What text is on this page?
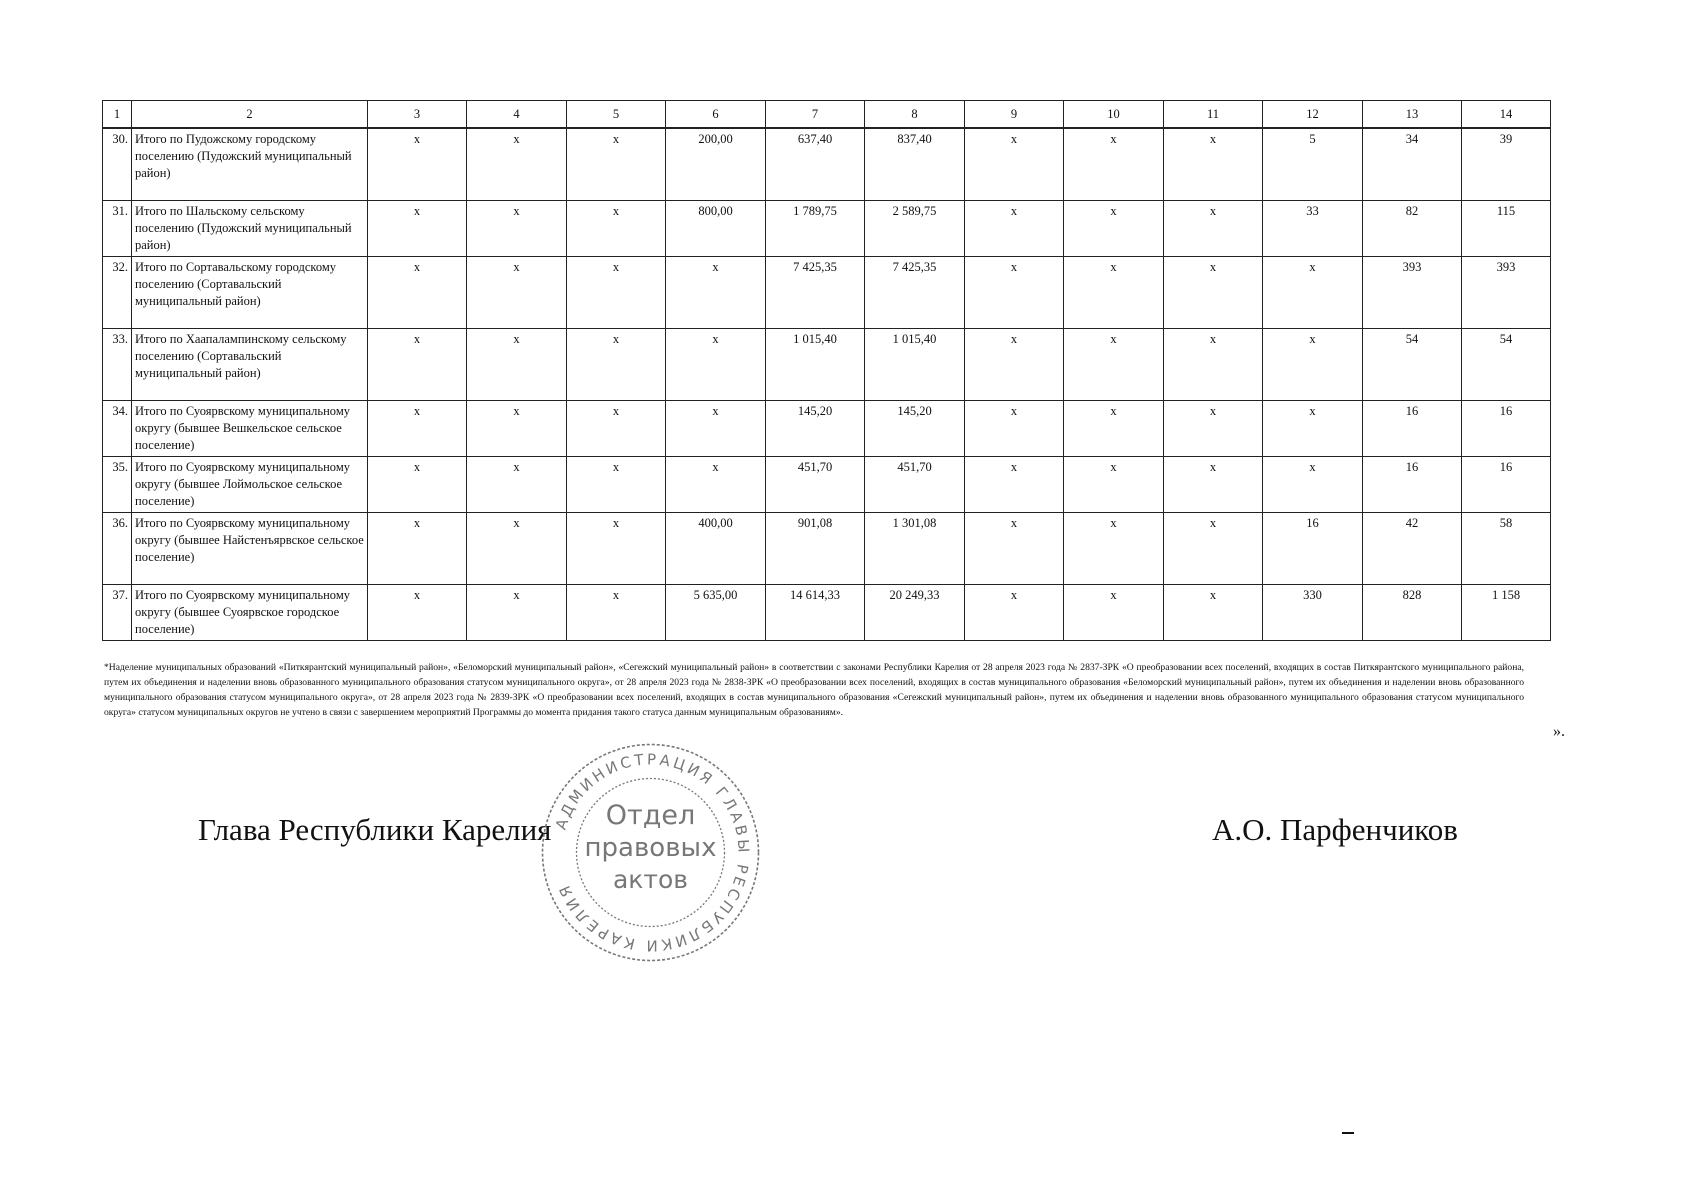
1	2	3	4	5	6	7	8	9	10	11	12	13	14
30.	Итого по Пудожскому городскому поселению (Пудожский муниципальный район)	x	x	x	200,00	637,40	837,40	x	x	x	5	34	39
31.	Итого по Шальскому сельскому поселению (Пудожский муниципальный район)	x	x	x	800,00	1 789,75	2 589,75	x	x	x	33	82	115
32.	Итого по Сортавальскому городскому поселению (Сортавальский муниципальный район)	x	x	x	x	7 425,35	7 425,35	x	x	x	x	393	393
33.	Итого по Хаапалампинскому сельскому поселению (Сортавальский муниципальный район)	x	x	x	x	1 015,40	1 015,40	x	x	x	x	54	54
34.	Итого по Суоярвскому муниципальному округу (бывшее Вешкельское сельское поселение)	x	x	x	x	145,20	145,20	x	x	x	x	16	16
35.	Итого по Суоярвскому муниципальному округу (бывшее Лоймольское сельское поселение)	x	x	x	x	451,70	451,70	x	x	x	x	16	16
36.	Итого по Суоярвскому муниципальному округу (бывшее Найстенъярвское сельское поселение)	x	x	x	400,00	901,08	1 301,08	x	x	x	16	42	58
37.	Итого по Суоярвскому муниципальному округу (бывшее Суоярвское городское поселение)	x	x	x	5 635,00	14 614,33	20 249,33	x	x	x	330	828	1 158
*Наделение муниципальных образований «Питкярантский муниципальный район», «Беломорский муниципальный район», «Сегежский муниципальный район» в соответствии с законами Республики Карелия от 28 апреля 2023 года № 2837-ЗРК «О преобразовании всех поселений, входящих в состав Питкярантского муниципального района, путем их объединения и наделении вновь образованного муниципального образования статусом муниципального округа», от 28 апреля 2023 года № 2838-ЗРК «О преобразовании всех поселений, входящих в состав муниципального образования «Беломорский муниципальный район», путем их объединения и наделении вновь образованного муниципального образования статусом муниципального округа», от 28 апреля 2023 года № 2839-ЗРК «О преобразовании всех поселений, входящих в состав муниципального образования «Сегежский муниципальный район», путем их объединения и наделении вновь образованного муниципального образования статусом муниципального округа» статусом муниципальных округов не учтено в связи с завершением мероприятий Программы до момента придания такого статуса данным муниципальным образованиям».
».
Глава Республики Карелия	А.О. Парфенчиков
АДМИНИСТРАЦИЯ ГЛАВЫ РЕСПУБЛИКИ КАРЕЛИЯ
Отдел
правовых
актов
